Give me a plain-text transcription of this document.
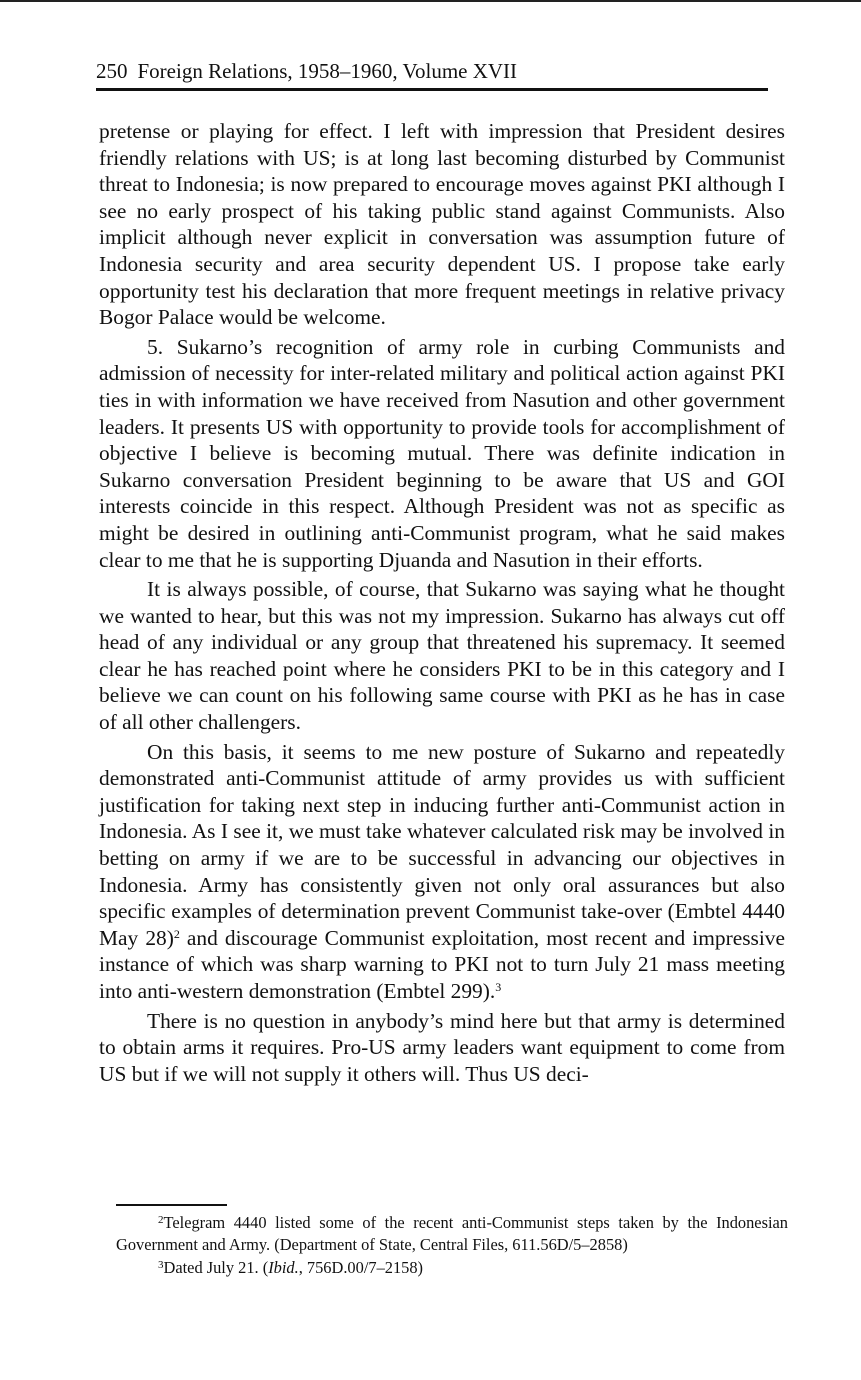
250 Foreign Relations, 1958–1960, Volume XVII

pretense or playing for effect. I left with impression that President desires friendly relations with US; is at long last becoming disturbed by Communist threat to Indonesia; is now prepared to encourage moves against PKI although I see no early prospect of his taking public stand against Communists. Also implicit although never explicit in conversation was assumption future of Indonesia security and area security dependent US. I propose take early opportunity test his declaration that more frequent meetings in relative privacy Bogor Palace would be welcome.

5. Sukarno’s recognition of army role in curbing Communists and admission of necessity for inter-related military and political action against PKI ties in with information we have received from Nasution and other government leaders. It presents US with opportunity to provide tools for accomplishment of objective I believe is becoming mutual. There was definite indication in Sukarno conversation President beginning to be aware that US and GOI interests coincide in this respect. Although President was not as specific as might be desired in outlining anti-Communist program, what he said makes clear to me that he is supporting Djuanda and Nasution in their efforts.

It is always possible, of course, that Sukarno was saying what he thought we wanted to hear, but this was not my impression. Sukarno has always cut off head of any individual or any group that threatened his supremacy. It seemed clear he has reached point where he considers PKI to be in this category and I believe we can count on his following same course with PKI as he has in case of all other challengers.

On this basis, it seems to me new posture of Sukarno and repeatedly demonstrated anti-Communist attitude of army provides us with sufficient justification for taking next step in inducing further anti-Communist action in Indonesia. As I see it, we must take whatever calculated risk may be involved in betting on army if we are to be successful in advancing our objectives in Indonesia. Army has consistently given not only oral assurances but also specific examples of determination prevent Communist take-over (Embtel 4440 May 28)$^2$ and discourage Communist exploitation, most recent and impressive instance of which was sharp warning to PKI not to turn July 21 mass meeting into anti-western demonstration (Embtel 299).$^3$

There is no question in anybody’s mind here but that army is determined to obtain arms it requires. Pro-US army leaders want equipment to come from US but if we will not supply it others will. Thus US deci-

$^2$Telegram 4440 listed some of the recent anti-Communist steps taken by the Indonesian Government and Army. (Department of State, Central Files, 611.56D/5–2858)

$^3$Dated July 21. (Ibid., 756D.00/7–2158)
